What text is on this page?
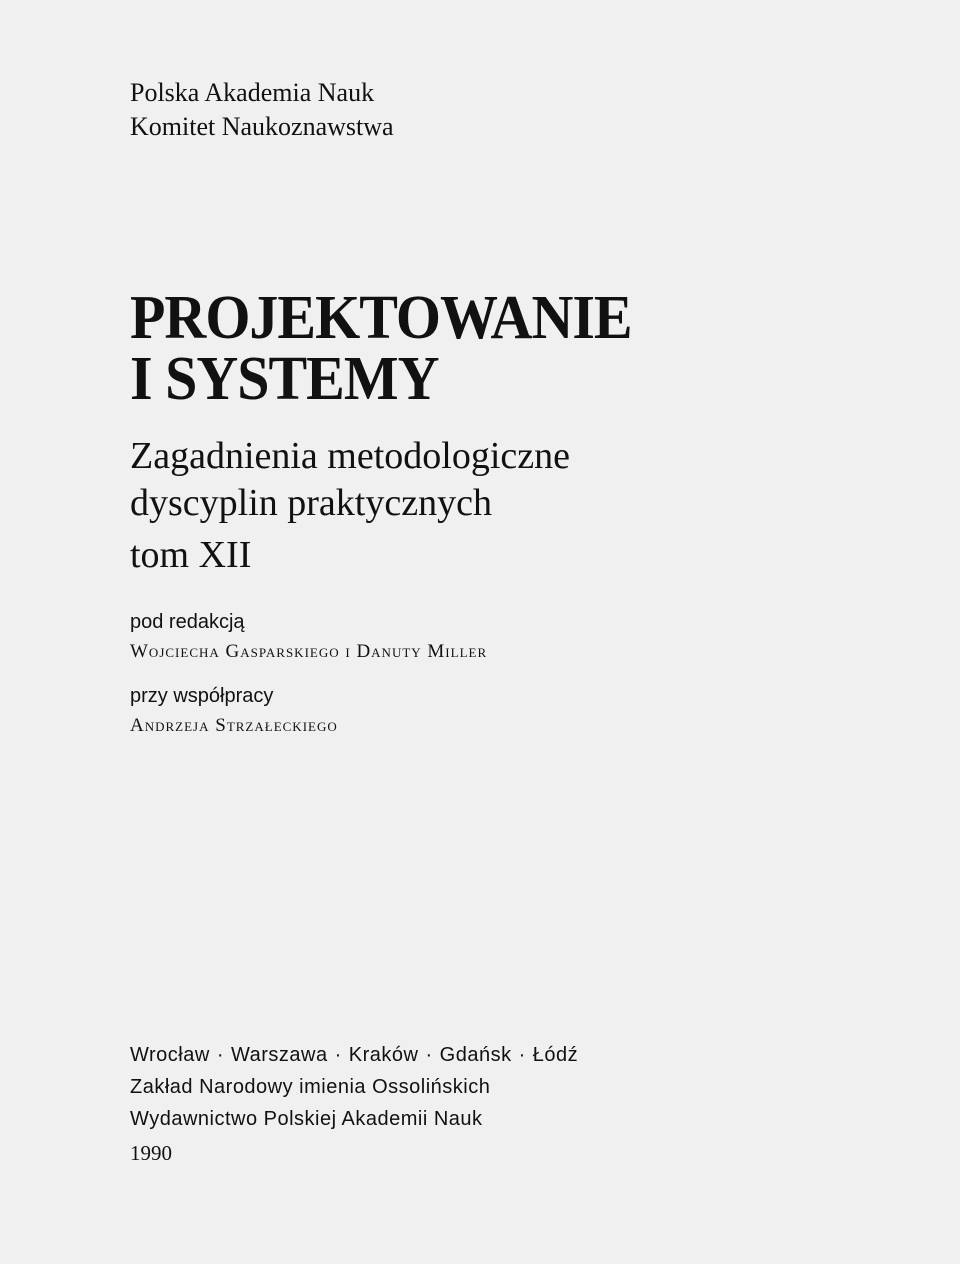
Polska Akademia Nauk
Komitet Naukoznawstwa
PROJEKTOWANIE
I SYSTEMY
Zagadnienia metodologiczne
dyscyplin praktycznych
tom XII
pod redakcją
Wojciecha Gasparskiego i Danuty Miller
przy współpracy
Andrzeja Strzałeckiego
Wrocław · Warszawa · Kraków · Gdańsk · Łódź
Zakład Narodowy imienia Ossolińskich
Wydawnictwo Polskiej Akademii Nauk
1990
